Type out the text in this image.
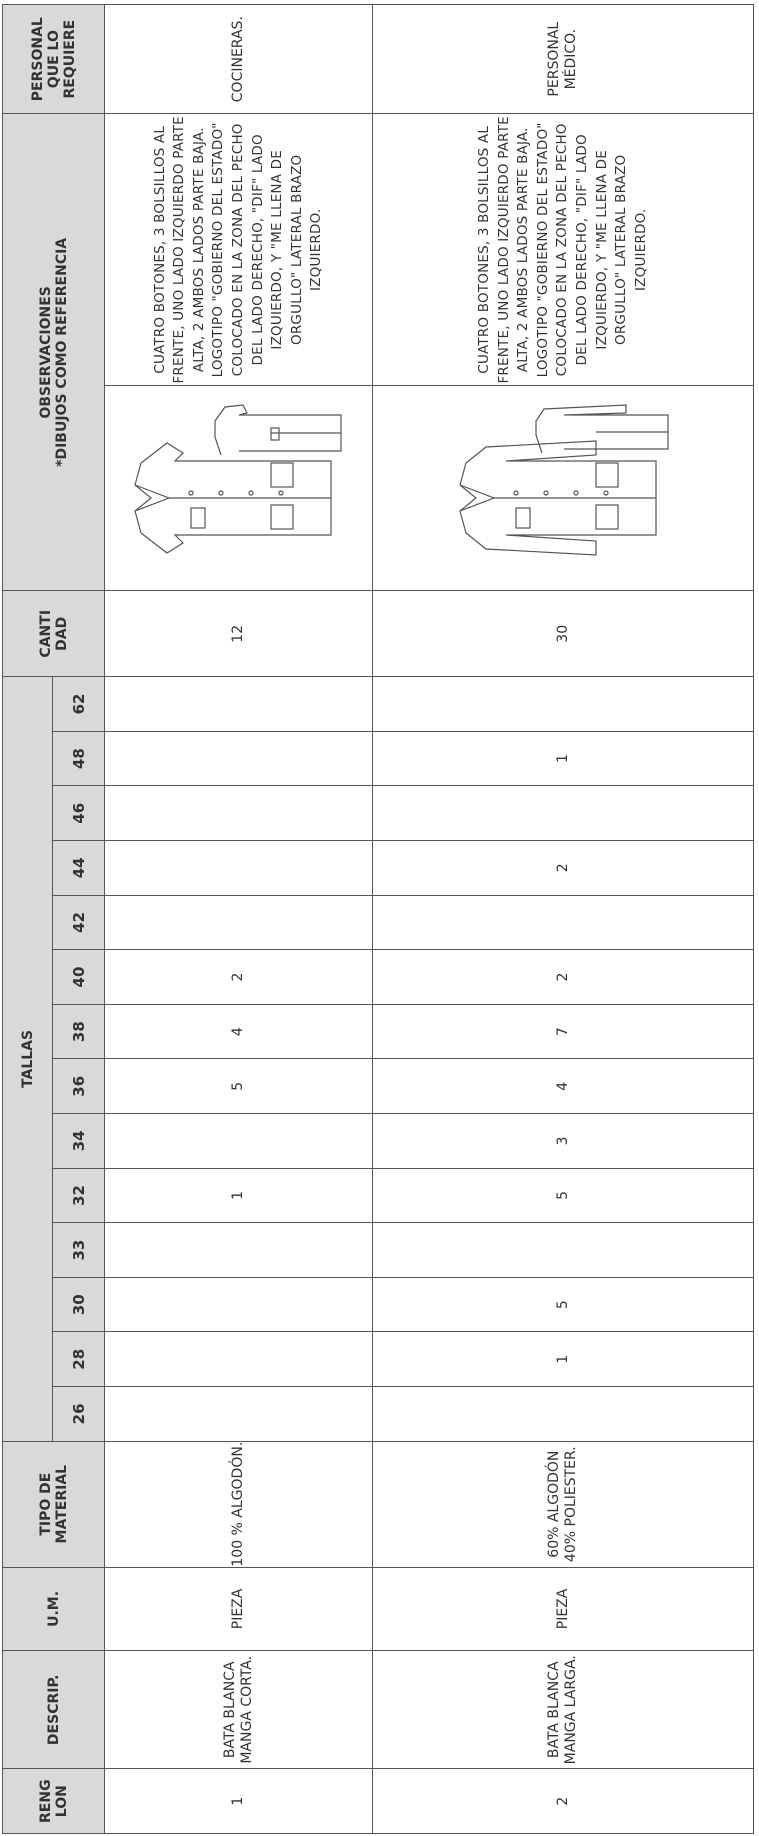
RENG LON	DESCRIP.	U.M.	TIPO DE MATERIAL	TALLAS														CANTI DAD	OBSERVACIONES *DIBUJOS COMO REFERENCIA		PERSONAL QUE LO REQUIERE
				26	28	30	33	32	34	36	38	40	42	44	46	48	62				
1	BATA BLANCA MANGA CORTA.	PIEZA	100 % ALGODÓN.					1		5	4	2						12		CUATRO BOTONES, 3 BOLSILLOS AL FRENTE, UNO LADO IZQUIERDO PARTE ALTA, 2 AMBOS LADOS PARTE BAJA. LOGOTIPO "GOBIERNO DEL ESTADO" COLOCADO EN LA ZONA DEL PECHO DEL LADO DERECHO, "DIF" LADO IZQUIERDO, Y "ME LLENA DE ORGULLO" LATERAL BRAZO IZQUIERDO.	COCINERAS.
2	BATA BLANCA MANGA LARGA.	PIEZA	60% ALGODÓN 40% POLIESTER.		1	5		5	3	4	7	2		2		1		30		CUATRO BOTONES, 3 BOLSILLOS AL FRENTE, UNO LADO IZQUIERDO PARTE ALTA, 2 AMBOS LADOS PARTE BAJA. LOGOTIPO "GOBIERNO DEL ESTADO" COLOCADO EN LA ZONA DEL PECHO DEL LADO DERECHO, "DIF" LADO IZQUIERDO, Y "ME LLENA DE ORGULLO" LATERAL BRAZO IZQUIERDO.	PERSONAL MÉDICO.
